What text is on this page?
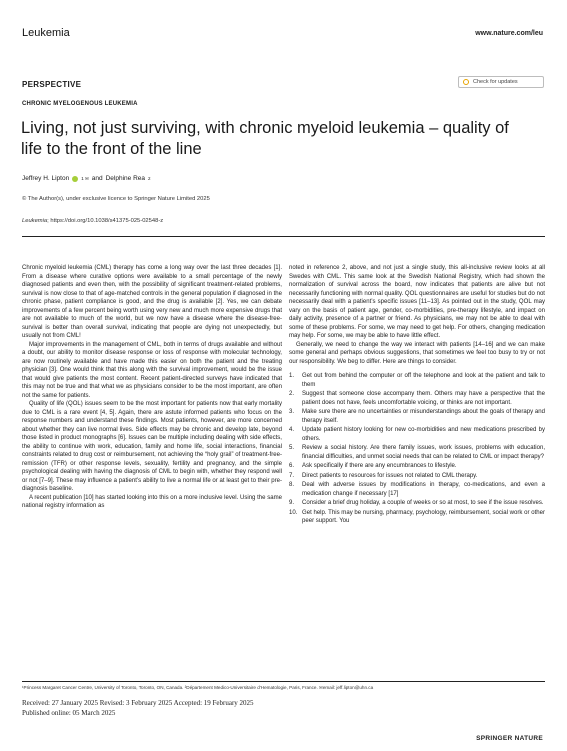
Leukemia	www.nature.com/leu
Check for updates
PERSPECTIVE
CHRONIC MYELOGENOUS LEUKEMIA
Living, not just surviving, with chronic myeloid leukemia – quality of life to the front of the line
Jeffrey H. Lipton	1 ✉ and Delphine Rea 2
© The Author(s), under exclusive licence to Springer Nature Limited 2025
Leukemia; https://doi.org/10.1038/s41375-025-02548-z

Chronic myeloid leukemia (CML) therapy has come a long way over the last three decades [1]. From a disease where curative options were available to a small percentage of the newly diagnosed patients and even then, with the possibility of significant treatment-related problems, survival is now close to that of age-matched controls in the general population if diagnosed in the chronic phase, patient compliance is good, and the drug is available [2]. Yes, we can debate improvements of a few percent being worth using very new and much more expensive drugs that are not available to much of the world, but we now have a disease where the disease-free-survival is better than overall survival, indicating that people are dying not unexpectedly, but usually not from CML!

Major improvements in the management of CML, both in terms of drugs available and without a doubt, our ability to monitor disease response or loss of response with molecular technology, are now routinely available and have made this easier on both the patient and the treating physician [3]. One would think that this along with the survival improvement, would be the issue that would give patients the most content. Recent patient-directed surveys have indicated that this may not be true and that what we as physicians consider to be the most important, are often not the same for patients.

Quality of life (QOL) issues seem to be the most important for patients now that early mortality due to CML is a rare event [4, 5]. Again, there are astute informed patients who focus on the response numbers and understand these findings. Most patients, however, are more concerned about whether they can live normal lives. Side effects may be chronic and develop late, beyond those listed in product monographs [6]. Issues can be multiple including dealing with side effects, the ability to continue with work, education, family and home life, social interactions, financial constraints related to drug cost or reimbursement, not achieving the “holy grail” of treatment-free-remission (TFR) or other response levels, sexuality, fertility and pregnancy, and the simple psychological dealing with having the diagnosis of CML to begin with, whether they respond well or not [7–9]. These may influence a patient’s ability to live a normal life or at least get to their pre-diagnosis baseline.

A recent publication [10] has started looking into this on a more inclusive level. Using the same national registry information as

noted in reference 2, above, and not just a single study, this all-inclusive review looks at all Swedes with CML. This same look at the Swedish National Registry, which had shown the normalization of survival across the board, now indicates that patients are alive but not necessarily functioning with normal quality. QOL questionnaires are useful for studies but do not necessarily deal with a patient’s specific issues [11–13]. As pointed out in the study, QOL may vary on the basis of patient age, gender, co-morbidities, pre-therapy lifestyle, and impact on daily activity, presence of a partner or friend. As physicians, we may not be able to deal with some of these problems. For some, we may need to get help. For others, changing medication may help. For some, we may be able to have little effect.

Generally, we need to change the way we interact with patients [14–16] and we can make some general and perhaps obvious suggestions, that sometimes we feel too busy to try or not our responsibility. We beg to differ. Here are things to consider.

1.	Get out from behind the computer or off the telephone and look at the patient and talk to them
2.	Suggest that someone close accompany them. Others may have a perspective that the patient does not have, feels uncomfortable voicing, or thinks are not important.
3.	Make sure there are no uncertainties or misunderstandings about the goals of therapy and therapy itself.
4.	Update patient history looking for new co-morbidities and new medications prescribed by others.
5.	Review a social history. Are there family issues, work issues, problems with education, financial difficulties, and unmet social needs that can be related to CML or impact therapy?
6.	Ask specifically if there are any encumbrances to lifestyle.
7.	Direct patients to resources for issues not related to CML therapy.
8.	Deal with adverse issues by modifications in therapy, co-medications, and even a medication change if necessary [17]
9.	Consider a brief drug holiday, a couple of weeks or so at most, to see if the issue resolves.
10. Get help. This may be nursing, pharmacy, psychology, reimbursement, social work or other peer support. You
¹Princess Margaret Cancer Centre, University of Toronto, Toronto, ON, Canada. ²Département Medico-Universitaire d’Hematologie, Paris, France. ✉email: jeff.lipton@uhn.ca
Received: 27 January 2025 Revised: 3 February 2025 Accepted: 19 February 2025
Published online: 05 March 2025
SPRINGER NATURE
